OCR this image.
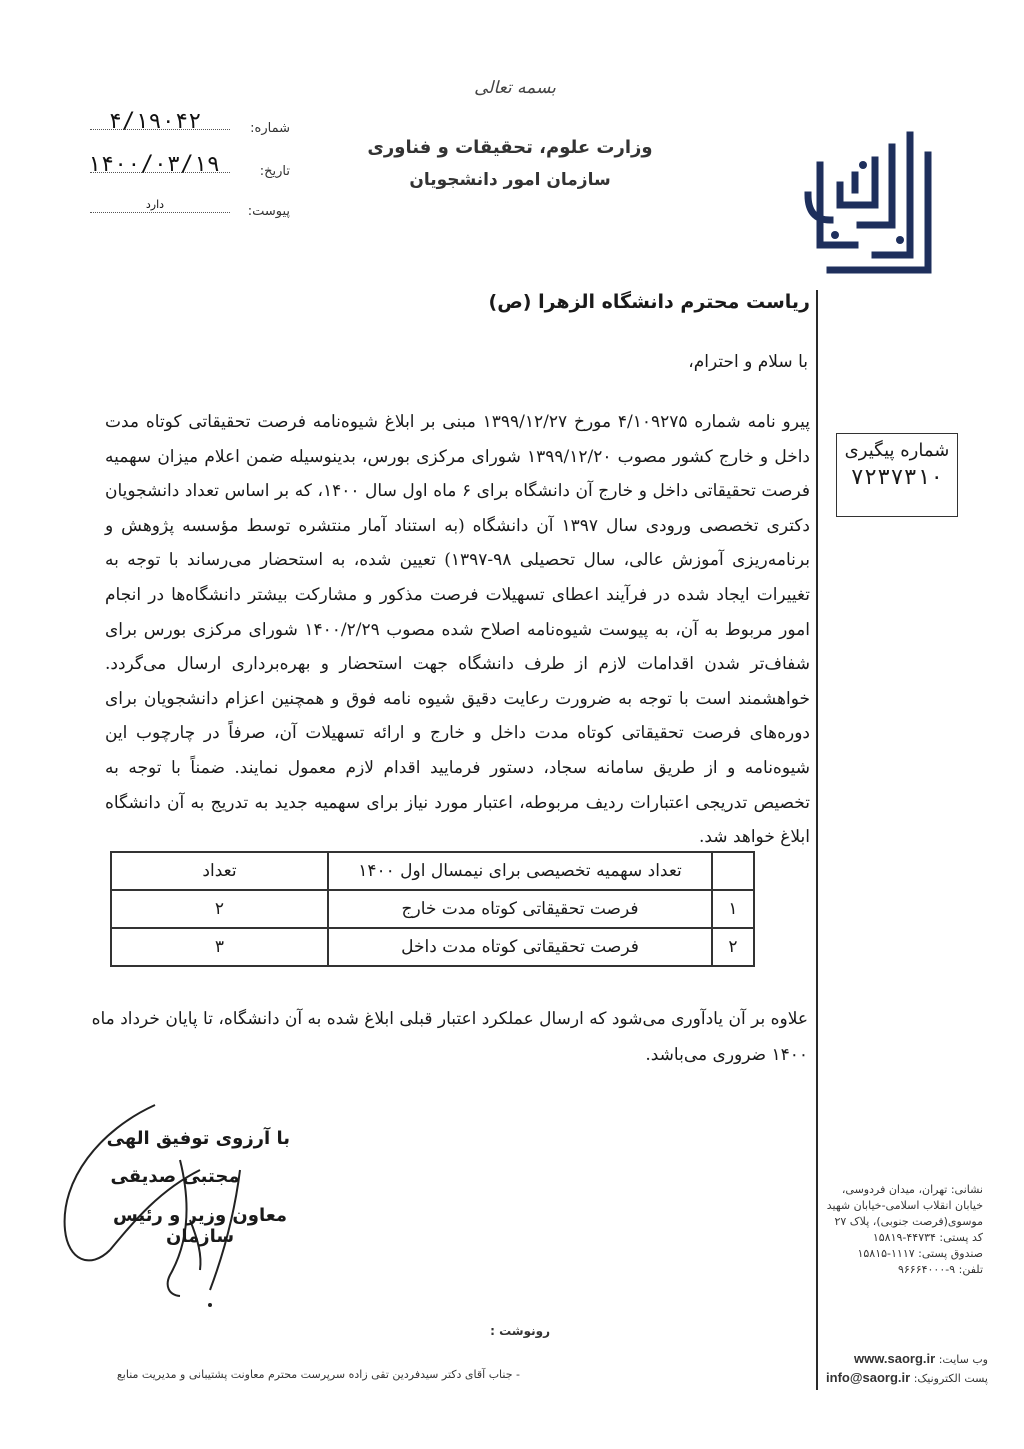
بسمه تعالی
وزارت علوم، تحقیقات و فناوری
سازمان امور دانشجویان
شماره:
۴/۱۹۰۴۲
تاریخ:
۱۴۰۰/۰۳/۱۹
پیوست:
دارد
ریاست محترم دانشگاه الزهرا (ص)
با سلام و احترام،
پیرو نامه شماره ۴/۱۰۹۲۷۵ مورخ ۱۳۹۹/۱۲/۲۷ مبنی بر ابلاغ شیوه‌نامه فرصت تحقیقاتی کوتاه مدت داخل و خارج کشور مصوب ۱۳۹۹/۱۲/۲۰ شورای مرکزی بورس، بدینوسیله ضمن اعلام میزان سهمیه فرصت تحقیقاتی داخل و خارج آن دانشگاه برای ۶ ماه اول سال ۱۴۰۰، که بر اساس تعداد دانشجویان دکتری تخصصی ورودی سال ۱۳۹۷ آن دانشگاه (به استناد آمار منتشره توسط مؤسسه پژوهش و برنامه‌ریزی آموزش عالی، سال تحصیلی ۹۸-۱۳۹۷) تعیین شده، به استحضار می‌رساند با توجه به تغییرات ایجاد شده در فرآیند اعطای تسهیلات فرصت مذکور و مشارکت بیشتر دانشگاه‌ها در انجام امور مربوط به آن، به پیوست شیوه‌نامه اصلاح شده مصوب ۱۴۰۰/۲/۲۹ شورای مرکزی بورس برای شفاف‌تر شدن اقدامات لازم از طرف دانشگاه جهت استحضار و بهره‌برداری ارسال می‌گردد. خواهشمند است با توجه به ضرورت رعایت دقیق شیوه نامه فوق و همچنین اعزام دانشجویان برای دوره‌های فرصت تحقیقاتی کوتاه مدت داخل و خارج و ارائه تسهیلات آن، صرفاً در چارچوب این شیوه‌نامه و از طریق سامانه سجاد، دستور فرمایید اقدام لازم معمول نمایند. ضمناً با توجه به تخصیص تدریجی اعتبارات ردیف مربوطه، اعتبار مورد نیاز برای سهمیه جدید به تدریج به آن دانشگاه ابلاغ خواهد شد.
شماره پیگیری
۷۲۳۷۳۱۰
	تعداد سهمیه تخصیصی برای نیمسال اول ۱۴۰۰	تعداد
۱	فرصت تحقیقاتی کوتاه مدت خارج	۲
۲	فرصت تحقیقاتی کوتاه مدت داخل	۳
علاوه بر آن یادآوری می‌شود که ارسال عملکرد اعتبار قبلی ابلاغ شده به آن دانشگاه، تا پایان خرداد ماه ۱۴۰۰ ضروری می‌باشد.
با آرزوی توفیق الهی
مجتبی صدیقی
معاون وزیر و رئیس سازمان
نشانی: تهران، میدان فردوسی،
خیابان انقلاب اسلامی-خیابان شهید
موسوی(فرصت جنوبی)، پلاک ۲۷
کد پستی: ۴۴۷۳۴-۱۵۸۱۹
صندوق پستی: ۱۱۱۷-۱۵۸۱۵
تلفن: ۹-۹۶۶۶۴۰۰۰
وب سایت: www.saorg.ir
پست الکترونیک: info@saorg.ir
رونوشت :
- جناب آقای دکتر سیدفردین تقی زاده سرپرست محترم معاونت پشتیبانی و مدیریت منابع
